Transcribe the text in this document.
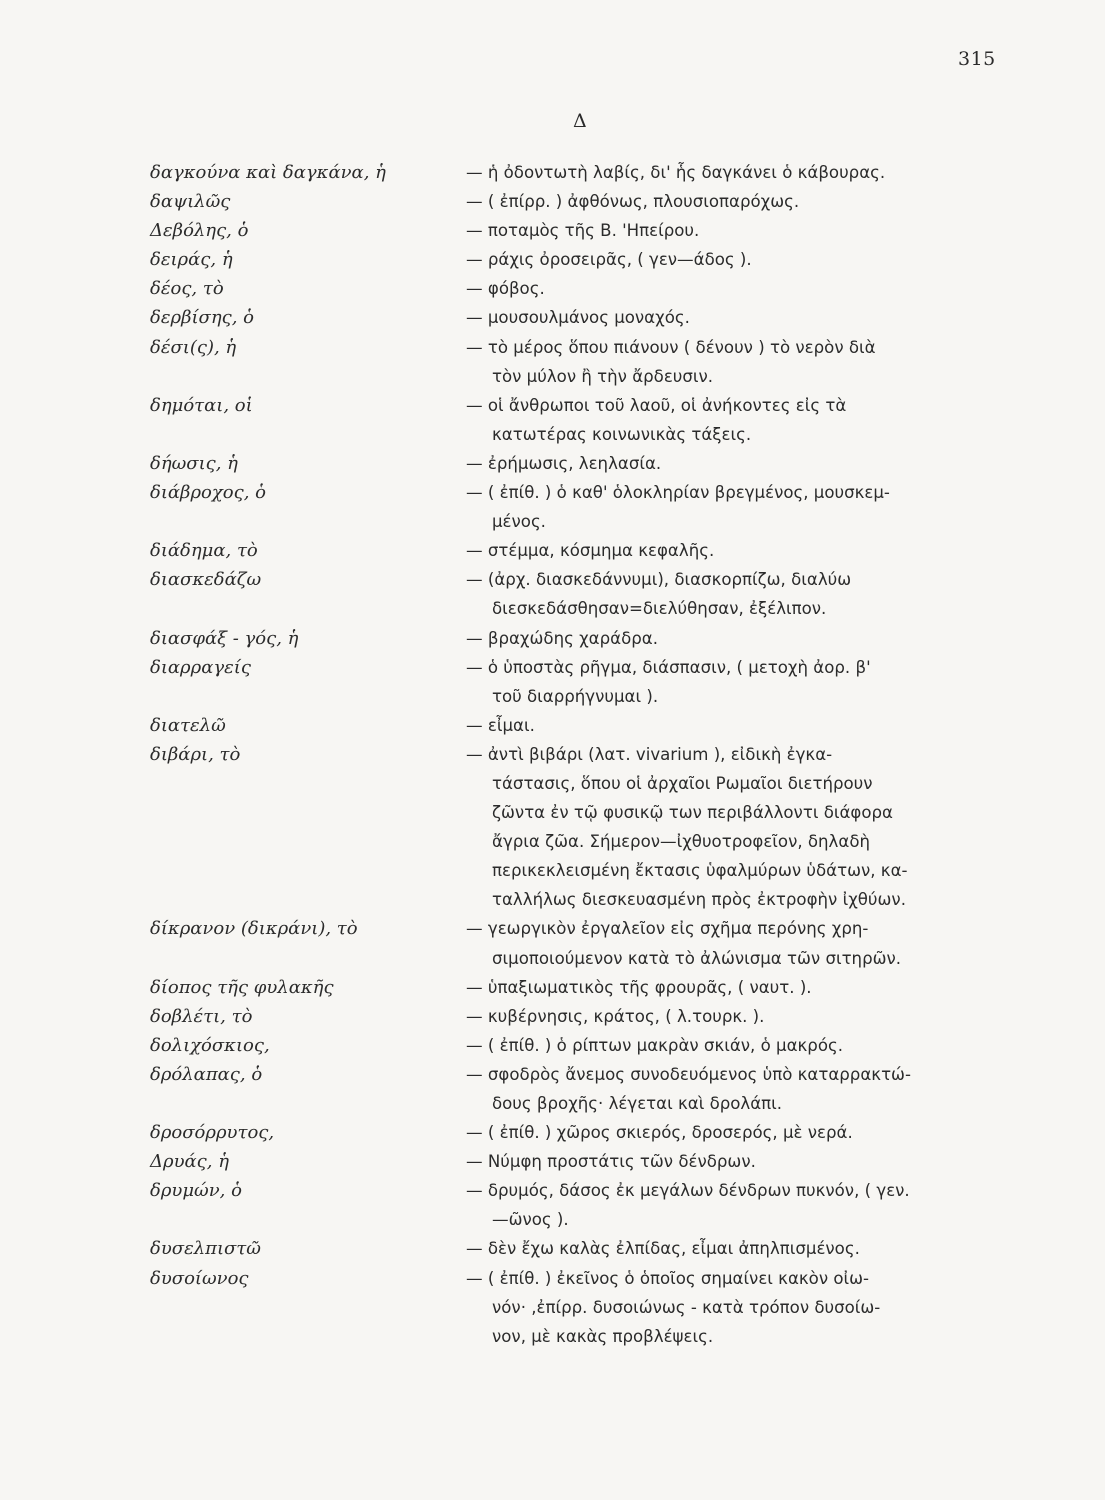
315
Δ
δαγκούνα καὶ δαγκάνα, ἡ	— ἡ ὀδοντωτὴ λαβίς, δι' ἧς δαγκάνει ὁ κάβουρας.
δαψιλῶς	— ( ἐπίρρ. ) ἀφθόνως, πλουσιοπαρόχως.
Δεβόλης, ὁ	— ποταμὸς τῆς Β. 'Ηπείρου.
δειράς, ἡ	— ράχις ὀροσειρᾶς, ( γεν—άδος ).
δέος, τὸ	— φόβος.
δερβίσης, ὁ	— μουσουλμάνος μοναχός.
δέσι(ς), ἡ	— τὸ μέρος ὅπου πιάνουν ( δένουν ) τὸ νερὸν διὰ
τὸν μύλον ἢ τὴν ἄρδευσιν.
δημόται, οἱ	— οἱ ἄνθρωποι τοῦ λαοῦ, οἱ ἀνήκοντες εἰς τὰ
κατωτέρας κοινωνικὰς τάξεις.
δήωσις, ἡ	— ἐρήμωσις, λεηλασία.
διάβροχος, ὁ	— ( ἐπίθ. ) ὁ καθ' ὁλοκληρίαν βρεγμένος, μουσκεμ-
μένος.
διάδημα, τὸ	— στέμμα, κόσμημα κεφαλῆς.
διασκεδάζω	— (ἀρχ. διασκεδάννυμι), διασκορπίζω, διαλύω
διεσκεδάσθησαν=διελύθησαν, ἐξέλιπον.
διασφάξ - γός, ἡ	— βραχώδης χαράδρα.
διαρραγείς	— ὁ ὑποστὰς ρῆγμα, διάσπασιν, ( μετοχὴ ἀορ. β'
τοῦ διαρρήγνυμαι ).
διατελῶ	— εἶμαι.
διβάρι, τὸ	— ἀντὶ βιβάρι (λατ. vivarium ), εἰδικὴ ἐγκα-
τάστασις, ὅπου οἱ ἀρχαῖοι Ρωμαῖοι διετήρουν
ζῶντα ἐν τῷ φυσικῷ των περιβάλλοντι διάφορα
ἄγρια ζῶα. Σήμερον—ἰχθυοτροφεῖον, δηλαδὴ
περικεκλεισμένη ἔκτασις ὑφαλμύρων ὑδάτων, κα-
ταλλήλως διεσκευασμένη πρὸς ἐκτροφὴν ἰχθύων.
δίκρανον (δικράνι), τὸ	— γεωργικὸν ἐργαλεῖον εἰς σχῆμα περόνης χρη-
σιμοποιούμενον κατὰ τὸ ἀλώνισμα τῶν σιτηρῶν.
δίοπος τῆς φυλακῆς	— ὑπαξιωματικὸς τῆς φρουρᾶς, ( ναυτ. ).
δοβλέτι, τὸ	— κυβέρνησις, κράτος, ( λ.τουρκ. ).
δολιχόσκιος,	— ( ἐπίθ. ) ὁ ρίπτων μακρὰν σκιάν, ὁ μακρός.
δρόλαπας, ὁ	— σφοδρὸς ἄνεμος συνοδευόμενος ὑπὸ καταρρακτώ-
δους βροχῆς· λέγεται καὶ δρολάπι.
δροσόρρυτος,	— ( ἐπίθ. ) χῶρος σκιερός, δροσερός, μὲ νερά.
Δρυάς, ἡ	— Νύμφη προστάτις τῶν δένδρων.
δρυμών, ὁ	— δρυμός, δάσος ἐκ μεγάλων δένδρων πυκνόν, ( γεν.
—ῶνος ).
δυσελπιστῶ	— δὲν ἔχω καλὰς ἐλπίδας, εἶμαι ἀπηλπισμένος.
δυσοίωνος	— ( ἐπίθ. ) ἐκεῖνος ὁ ὁποῖος σημαίνει κακὸν οἰω-
νόν· ,ἐπίρρ. δυσοιώνως - κατὰ τρόπον δυσοίω-
νον, μὲ κακὰς προβλέψεις.
